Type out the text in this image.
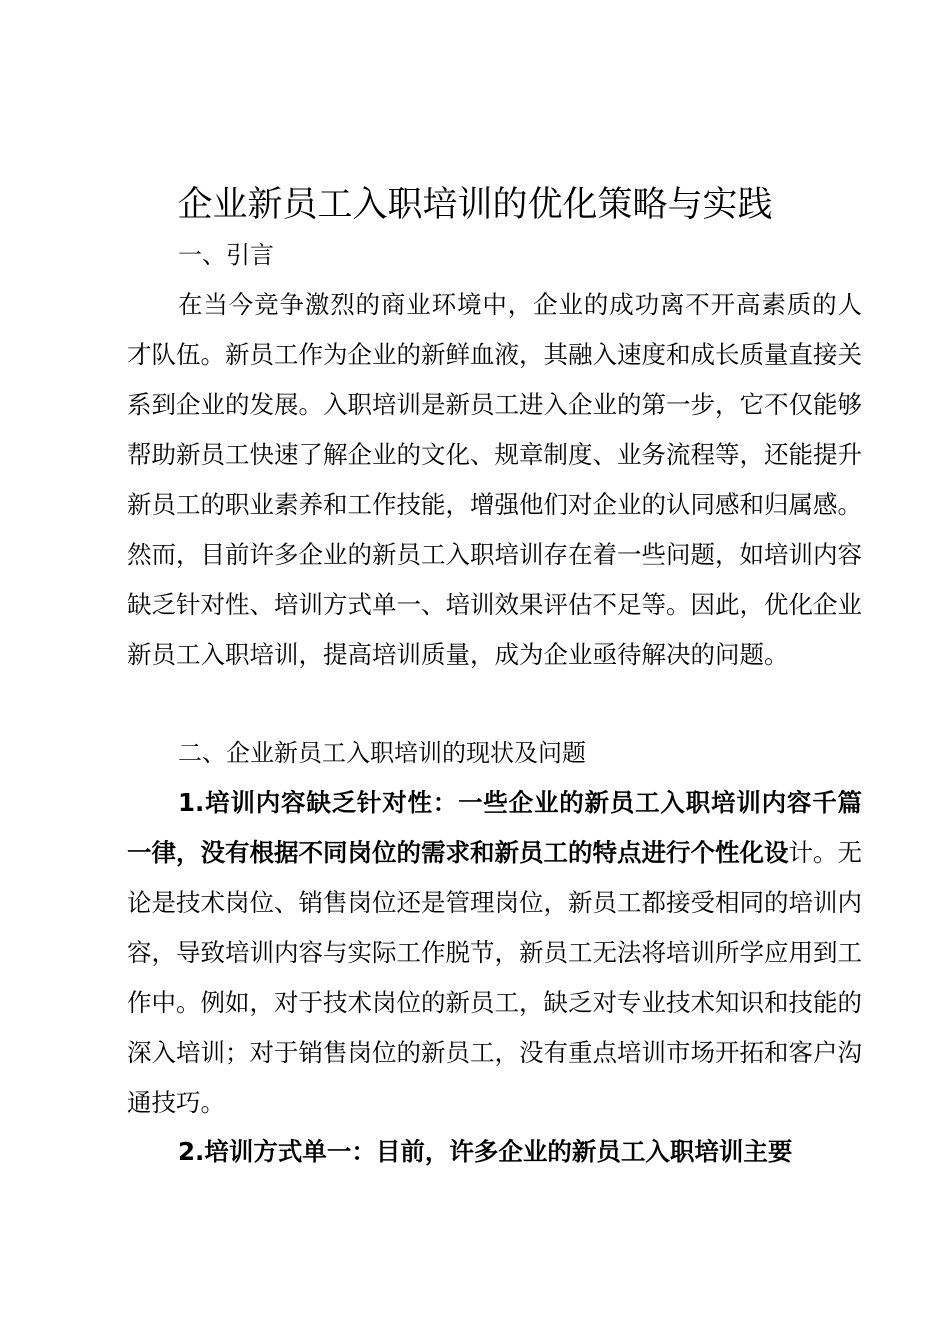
企业新员工入职培训的优化策略与实践

一、引言

在当今竞争激烈的商业环境中，企业的成功离不开高素质的人才队伍。新员工作为企业的新鲜血液，其融入速度和成长质量直接关系到企业的发展。入职培训是新员工进入企业的第一步，它不仅能够帮助新员工快速了解企业的文化、规章制度、业务流程等，还能提升新员工的职业素养和工作技能，增强他们对企业的认同感和归属感。然而，目前许多企业的新员工入职培训存在着一些问题，如培训内容缺乏针对性、培训方式单一、培训效果评估不足等。因此，优化企业新员工入职培训，提高培训质量，成为企业亟待解决的问题。

二、企业新员工入职培训的现状及问题

1.培训内容缺乏针对性：一些企业的新员工入职培训内容千篇一律，没有根据不同岗位的需求和新员工的特点进行个性化设计。无论是技术岗位、销售岗位还是管理岗位，新员工都接受相同的培训内容，导致培训内容与实际工作脱节，新员工无法将培训所学应用到工作中。例如，对于技术岗位的新员工，缺乏对专业技术知识和技能的深入培训；对于销售岗位的新员工，没有重点培训市场开拓和客户沟通技巧。

2.培训方式单一：目前，许多企业的新员工入职培训主要
